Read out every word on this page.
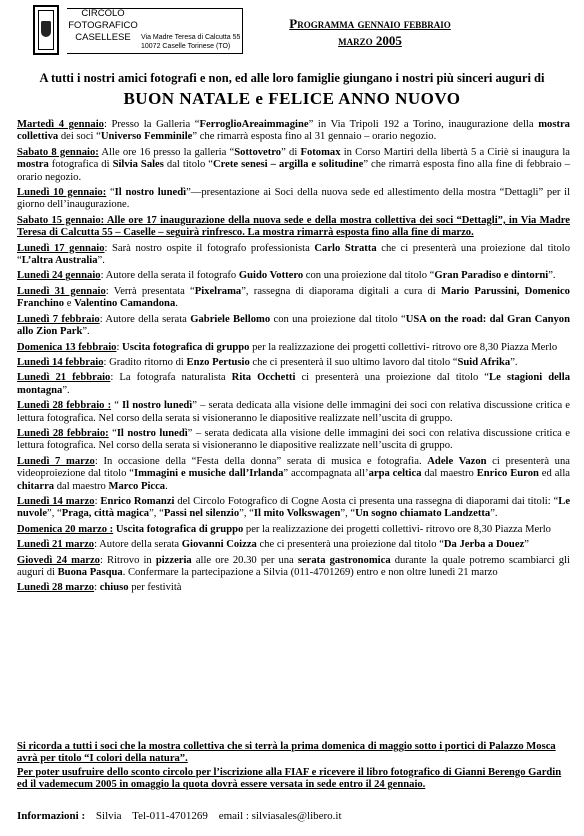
CIRCOLO
FOTOGRAFICO
CASELLESE	Via Madre Teresa di Calcutta 55
10072 Caselle Torinese (TO)
Programma gennaio febbraio
marzo 2005
A tutti i nostri amici fotografi e non, ed alle loro famiglie giungano i nostri più sinceri auguri di
BUON NATALE e FELICE ANNO NUOVO

Martedì 4 gennaio: Presso la Galleria “FerroglioAreaimmagine” in Via Tripoli 192 a Torino, inaugurazione della mostra collettiva dei soci “Universo Femminile” che rimarrà esposta fino al 31 gennaio – orario negozio.

Sabato 8 gennaio: Alle ore 16 presso la galleria “Sottovetro” di Fotomax in Corso Martiri della libertà 5 a Ciriè si inaugura la mostra fotografica di Silvia Sales dal titolo “Crete senesi – argilla e solitudine” che rimarrà esposta fino alla fine di febbraio – orario negozio.

Lunedì 10 gennaio: “Il nostro lunedì”—presentazione ai Soci della nuova sede ed allestimento della mostra “Dettagli” per il giorno dell’inaugurazione.

Sabato 15 gennaio: Alle ore 17 inaugurazione della nuova sede e della mostra collettiva dei soci “Dettagli”, in Via Madre Teresa di Calcutta 55 – Caselle – seguirà rinfresco. La mostra rimarrà esposta fino alla fine di marzo.

Lunedì 17 gennaio: Sarà nostro ospite il fotografo professionista Carlo Stratta che ci presenterà una proiezione dal titolo “L’altra Australia”.

Lunedì 24 gennaio: Autore della serata il fotografo Guido Vottero con una proiezione dal titolo “Gran Paradiso e dintorni”.

Lunedì 31 gennaio: Verrà presentata “Pixelrama”, rassegna di diaporama digitali a cura di Mario Parussini, Domenico Franchino e Valentino Camandona.

Lunedì 7 febbraio: Autore della serata Gabriele Bellomo con una proiezione dal titolo “USA on the road: dal Gran Canyon allo Zion Park”.

Domenica 13 febbraio: Uscita fotografica di gruppo per la realizzazione dei progetti collettivi- ritrovo ore 8,30 Piazza Merlo

Lunedì 14 febbraio: Gradito ritorno di Enzo Pertusio che ci presenterà il suo ultimo lavoro dal titolo “Suid Afrika”.

Lunedì 21 febbraio: La fotografa naturalista Rita Occhetti ci presenterà una proiezione dal titolo “Le stagioni della montagna”.

Lunedì 28 febbraio : “ Il nostro lunedì” – serata dedicata alla visione delle immagini dei soci con relativa discussione critica e lettura fotografica. Nel corso della serata si visioneranno le diapositive realizzate nell’uscita di gruppo.

Lunedì 28 febbraio: “Il nostro lunedì” – serata dedicata alla visione delle immagini dei soci con relativa discussione critica e lettura fotografica. Nel corso della serata si visioneranno le diapositive realizzate nell’uscita di gruppo.

Lunedì 7 marzo: In occasione della “Festa della donna” serata di musica e fotografia. Adele Vazon ci presenterà una videoproiezione dal titolo “Immagini e musiche dall’Irlanda” accompagnata all’arpa celtica dal maestro Enrico Euron ed alla chitarra dal maestro Marco Picca.

Lunedì 14 marzo: Enrico Romanzi del Circolo Fotografico di Cogne Aosta ci presenta una rassegna di diaporami dai titoli: “Le nuvole”, “Praga, città magica”, “Passi nel silenzio”, “Il mito Volkswagen”, “Un sogno chiamato Landzetta”.

Domenica 20 marzo : Uscita fotografica di gruppo per la realizzazione dei progetti collettivi- ritrovo ore 8,30 Piazza Merlo

Lunedì 21 marzo: Autore della serata Giovanni Coizza che ci presenterà una proiezione dal titolo “Da Jerba a Douez”

Giovedì 24 marzo: Ritrovo in pizzeria alle ore 20.30 per una serata gastronomica durante la quale potremo scambiarci gli auguri di Buona Pasqua. Confermare la partecipazione a Silvia (011-4701269) entro e non oltre lunedì 21 marzo

Lunedì 28 marzo: chiuso per festività

Si ricorda a tutti i soci che la mostra collettiva che si terrà la prima domenica di maggio sotto i portici di Palazzo Mosca avrà per titolo “I colori della natura”.

Per poter usufruire dello sconto circolo per l’iscrizione alla FIAF e ricevere il libro fotografico di Gianni Berengo Gardin ed il vademecum 2005 in omaggio la quota dovrà essere versata in sede entro il 24 gennaio.

Informazioni : Silvia Tel-011-4701269 email : silviasales@libero.it
